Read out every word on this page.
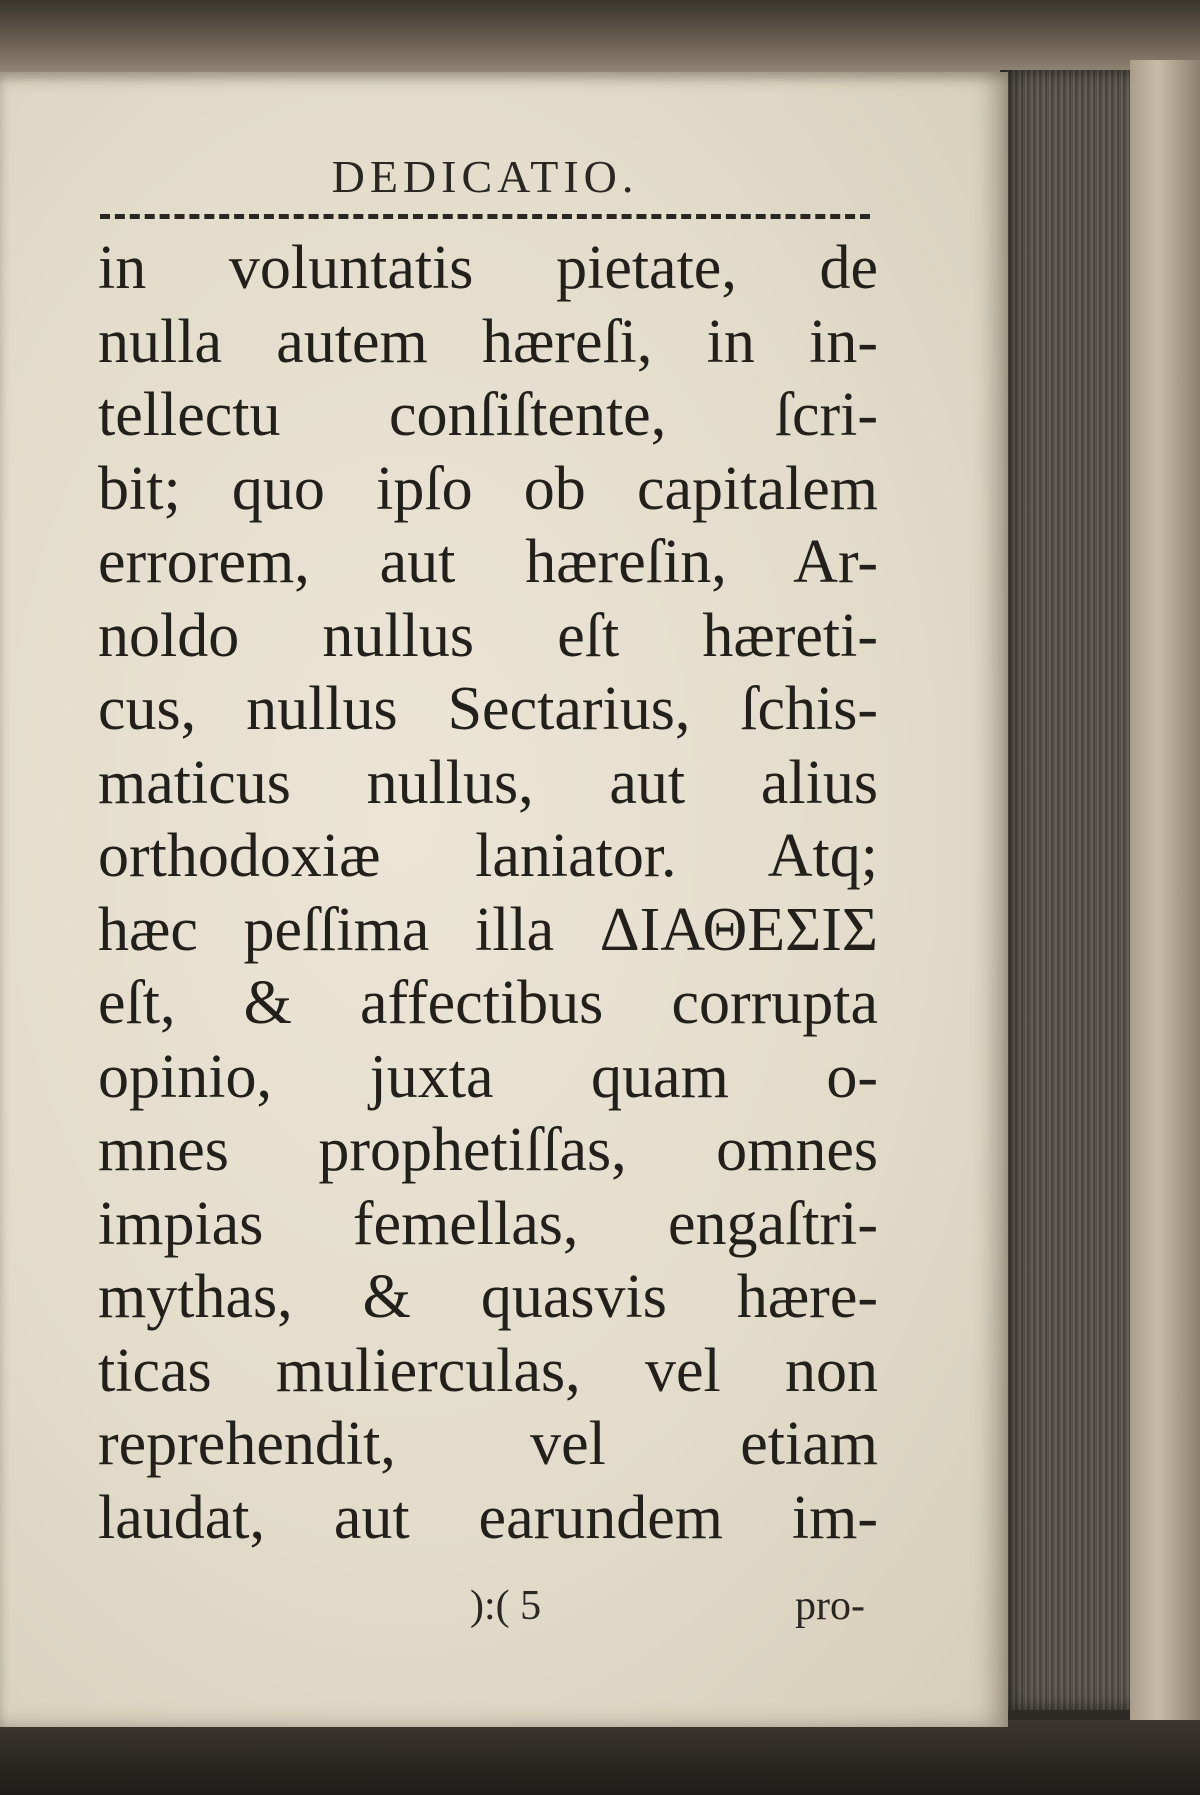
DEDICATIO.
in voluntatis pietate, de
nulla autem hæreſi, in in-
tellectu conſiſtente, ſcri-
bit; quo ipſo ob capitalem
errorem, aut hæreſin, Ar-
noldo nullus eſt hæreti-
cus, nullus Sectarius, ſchis-
maticus nullus, aut alius
orthodoxiæ laniator. Atq;
hæc peſſima illa ΔΙΑΘΕΣΙΣ
eſt, & affectibus corrupta
opinio, juxta quam o-
mnes prophetiſſas, omnes
impias femellas, engaſtri-
mythas, & quasvis hære-
ticas mulierculas, vel non
reprehendit, vel etiam
laudat, aut earundem im-
):( 5	pro-
